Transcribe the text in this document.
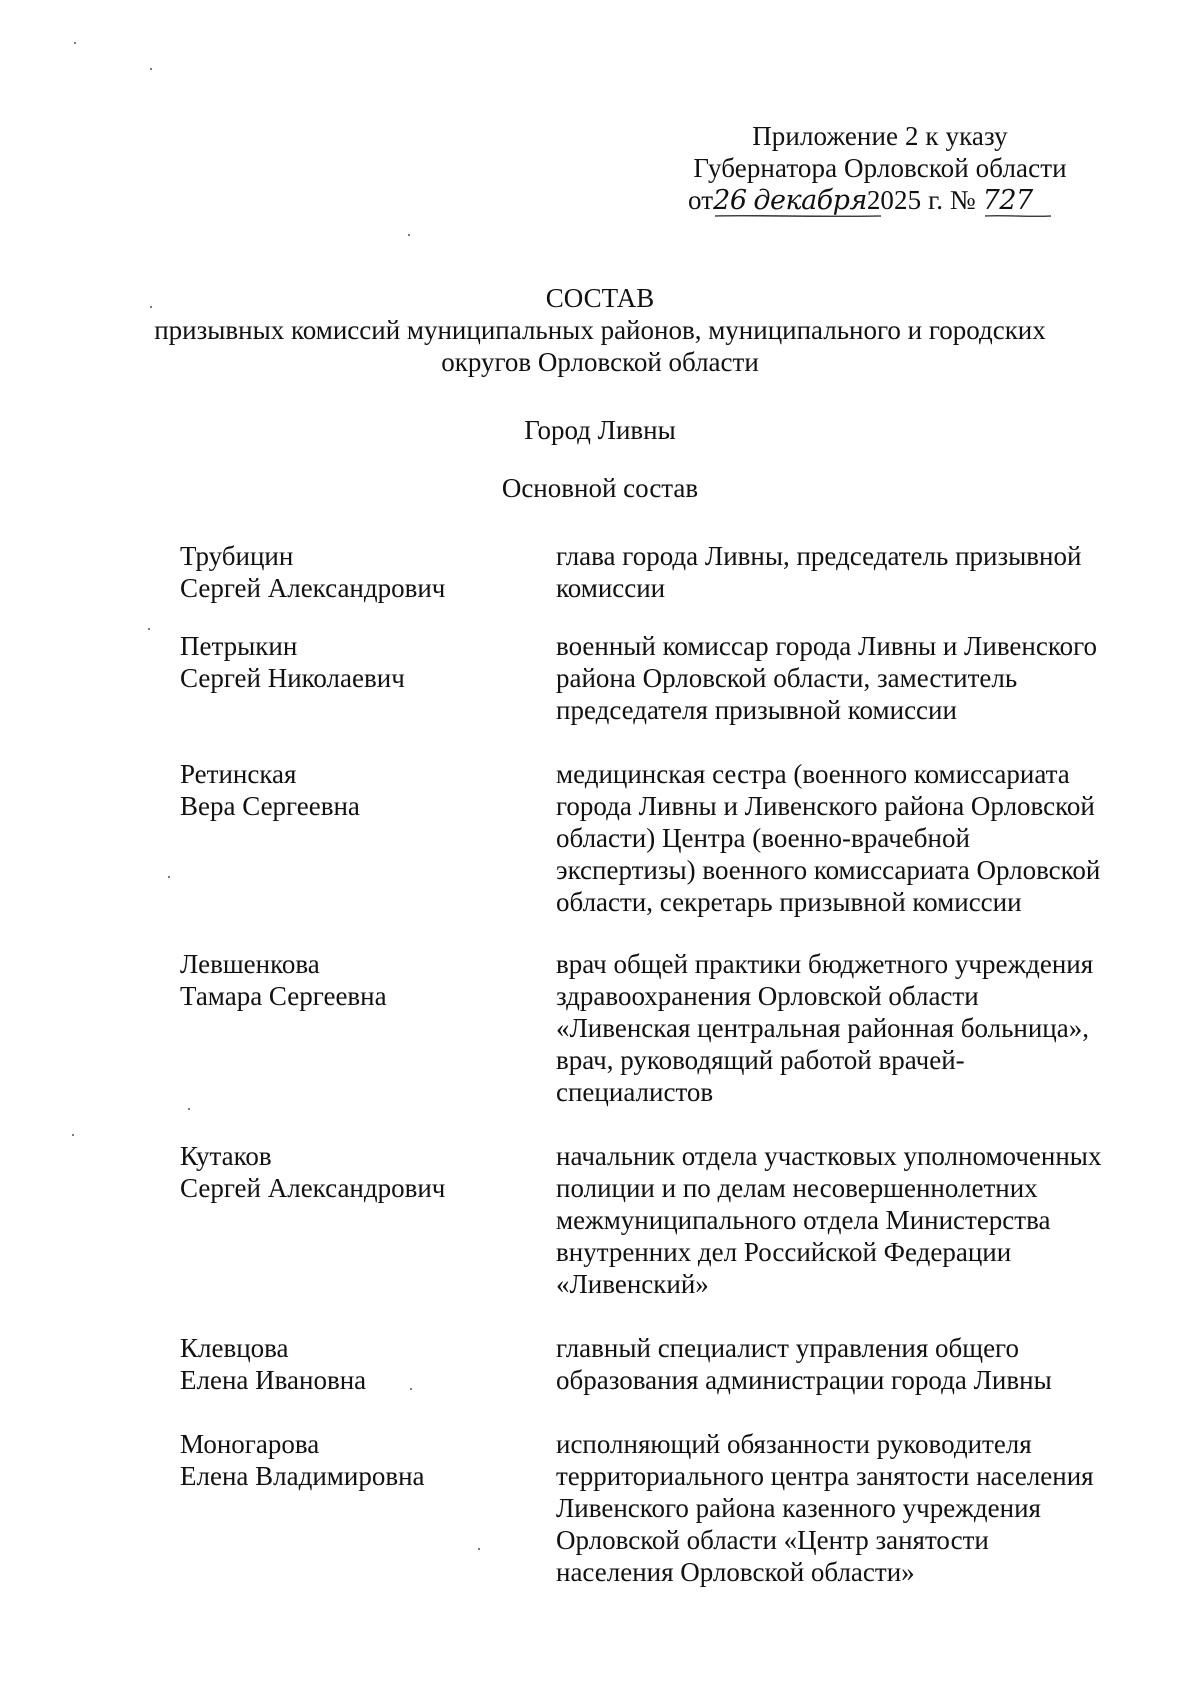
Приложение 2 к указу
Губернатора Орловской области
от26 декабря
2025 г. № 727
СОСТАВ
призывных комиссий муниципальных районов, муниципального и городских
округов Орловской области
Город Ливны
Основной состав
Трубицин
Сергей Александрович
глава города Ливны, председатель призывной
комиссии
Петрыкин
Сергей Николаевич
военный комиссар города Ливны и Ливенского
района Орловской области, заместитель
председателя призывной комиссии
Ретинская
Вера Сергеевна
медицинская сестра (военного комиссариата
города Ливны и Ливенского района Орловской
области) Центра (военно-врачебной
экспертизы) военного комиссариата Орловской
области, секретарь призывной комиссии
Левшенкова
Тамара Сергеевна
врач общей практики бюджетного учреждения
здравоохранения Орловской области
«Ливенская центральная районная больница»,
врач, руководящий работой врачей-
специалистов
Кутаков
Сергей Александрович
начальник отдела участковых уполномоченных
полиции и по делам несовершеннолетних
межмуниципального отдела Министерства
внутренних дел Российской Федерации
«Ливенский»
Клевцова
Елена Ивановна
главный специалист управления общего
образования администрации города Ливны
Моногарова
Елена Владимировна
исполняющий обязанности руководителя
территориального центра занятости населения
Ливенского района казенного учреждения
Орловской области «Центр занятости
населения Орловской области»
